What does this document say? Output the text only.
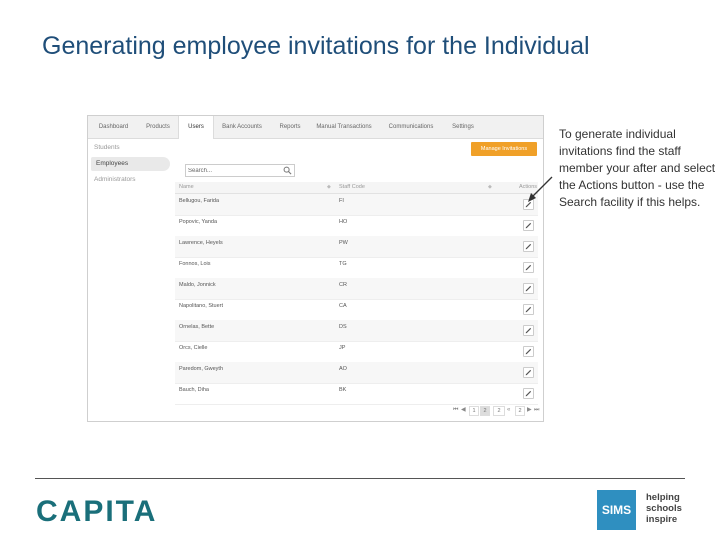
Generating employee invitations for the Individual
Dashboard	Products	Users	Bank Accounts	Reports	Manual Transactions	Communications	Settings
Students
Employees
Administrators
Manage Invitations
Search...
Name	◆ Staff Code	◆	Actions
Bellugou, Farida	FI
Popovic, Yanda	HO
Lawrence, Heyels	PW
Fonnos, Lois	TG
Maldo, Jonnick	CR
Napolitano, Stuert	CA
Ornelas, Bette	DS
Orcs, Cielle	JP
Paredom, Gweyth	AO
Bauch, Diha	BK
⏮ ◀	1	2	2	«	2 ▶ ⏭
To generate individual invitations find the staff member your after and select the Actions button - use the Search facility if this helps.
CAPITA	SIMS
helping
schools
inspire
